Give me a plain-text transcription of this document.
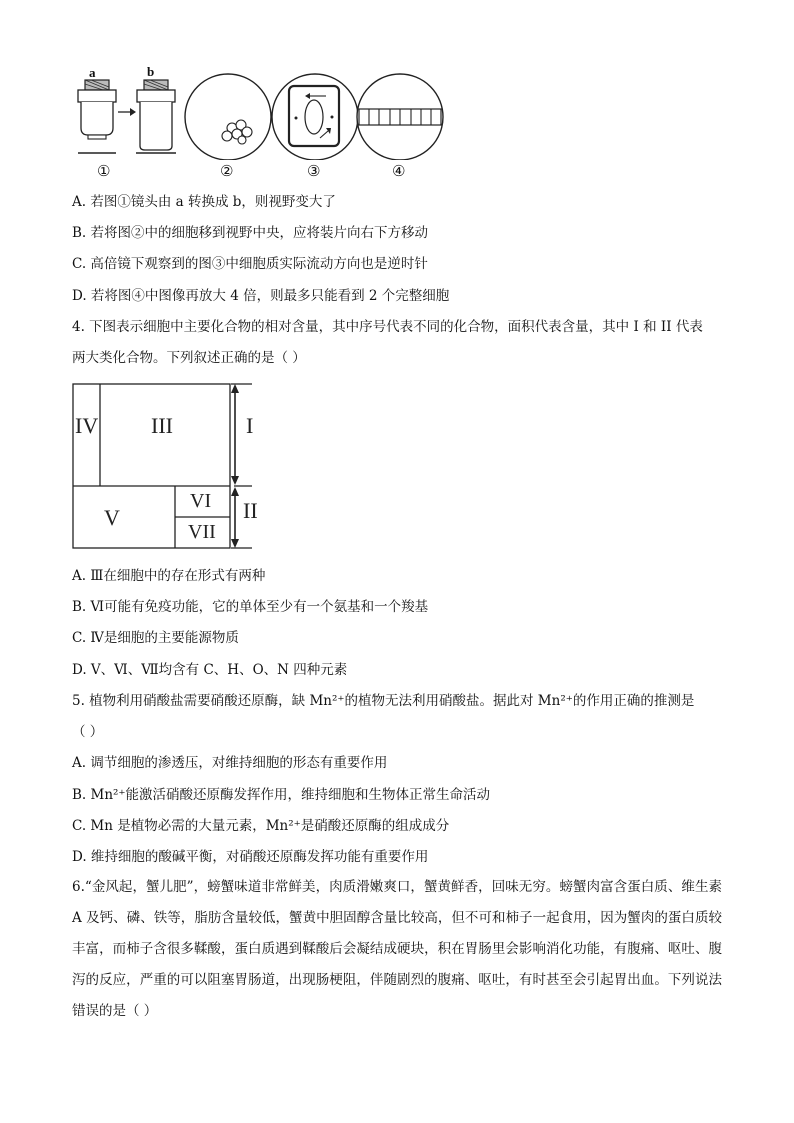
a	b
①	②	③	④
A. 若图①镜头由 a 转换成 b，则视野变大了
B. 若将图②中的细胞移到视野中央，应将装片向右下方移动
C. 高倍镜下观察到的图③中细胞质实际流动方向也是逆时针
D. 若将图④中图像再放大 4 倍，则最多只能看到 2 个完整细胞
4. 下图表示细胞中主要化合物的相对含量，其中序号代表不同的化合物，面积代表含量，其中 I 和 II 代表
两大类化合物。下列叙述正确的是（ ）
IV III
V
VI
VII
I
II
A. Ⅲ在细胞中的存在形式有两种
B. Ⅵ可能有免疫功能，它的单体至少有一个氨基和一个羧基
C. Ⅳ是细胞的主要能源物质
D. Ⅴ、Ⅵ、Ⅶ均含有 C、H、O、N 四种元素
5. 植物利用硝酸盐需要硝酸还原酶，缺 Mn²⁺的植物无法利用硝酸盐。据此对 Mn²⁺的作用正确的推测是
（ ）
A. 调节细胞的渗透压，对维持细胞的形态有重要作用
B. Mn²⁺能激活硝酸还原酶发挥作用，维持细胞和生物体正常生命活动
C. Mn 是植物必需的大量元素，Mn²⁺是硝酸还原酶的组成成分
D. 维持细胞的酸碱平衡，对硝酸还原酶发挥功能有重要作用
6.“金风起，蟹儿肥”，螃蟹味道非常鲜美，肉质滑嫩爽口，蟹黄鲜香，回味无穷。螃蟹肉富含蛋白质、维生素 A 及钙、磷、铁等，脂肪含量较低，蟹黄中胆固醇含量比较高，但不可和柿子一起食用，因为蟹肉的蛋白质较丰富，而柿子含很多鞣酸，蛋白质遇到鞣酸后会凝结成硬块，积在胃肠里会影响消化功能，有腹痛、呕吐、腹泻的反应，严重的可以阻塞胃肠道，出现肠梗阻，伴随剧烈的腹痛、呕吐，有时甚至会引起胃出血。下列说法错误的是（ ）
